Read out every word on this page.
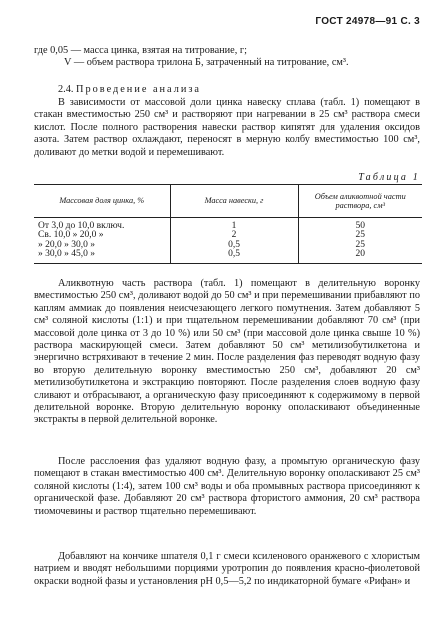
ГОСТ 24978—91 С. 3
где 0,05 — масса цинка, взятая на титрование, г;
V — объем раствора трилона Б, затраченный на титрование, см³.
2.4. Проведение анализа

В зависимости от массовой доли цинка навеску сплава (табл. 1) помещают в стакан вместимостью 250 см³ и растворяют при нагревании в 25 см³ раствора смеси кислот. После полного растворения навески раствор кипятят для удаления оксидов азота. Затем раствор охлаждают, переносят в мерную колбу вместимостью 100 см³, доливают до метки водой и перемешивают.

Таблица 1
Массовая доля цинка, %	Масса навески, г	Объем аликвотной части раствора, см³
От 3,0 до 10,0 включ.	1	50
Св. 10,0 » 20,0 »	2	25
» 20,0 » 30,0 »	0,5	25
» 30,0 » 45,0 »	0,5	20

Аликвотную часть раствора (табл. 1) помещают в делительную воронку вместимостью 250 см³, доливают водой до 50 см³ и при перемешивании прибавляют по каплям аммиак до появления неисчезающего легкого помутнения. Затем добавляют 5 см³ соляной кислоты (1:1) и при тщательном перемешивании добавляют 70 см³ (при массовой доле цинка от 3 до 10 %) или 50 см³ (при массовой доле цинка свыше 10 %) раствора маскирующей смеси. Затем добавляют 50 см³ метилизобутилкетона и энергично встряхивают в течение 2 мин. После разделения фаз переводят водную фазу во вторую делительную воронку вместимостью 250 см³, добавляют 20 см³ метилизобутилкетона и экстракцию повторяют. После разделения слоев водную фазу сливают и отбрасывают, а органическую фазу присоединяют к содержимому в первой делительной воронке. Вторую делительную воронку ополаскивают объединенные экстракты в первой делительной воронке.

После расслоения фаз удаляют водную фазу, а промытую органическую фазу помещают в стакан вместимостью 400 см³. Делительную воронку ополаскивают 25 см³ соляной кислоты (1:4), затем 100 см³ воды и оба промывных раствора присоединяют к органической фазе. Добавляют 20 см³ раствора фтористого аммония, 20 см³ раствора тиомочевины и раствор тщательно перемешивают.

Добавляют на кончике шпателя 0,1 г смеси ксиленового оранжевого с хлористым натрием и вводят небольшими порциями уротропин до появления красно-фиолетовой окраски водной фазы и установления рН 0,5—5,2 по индикаторной бумаге «Рифан» и
